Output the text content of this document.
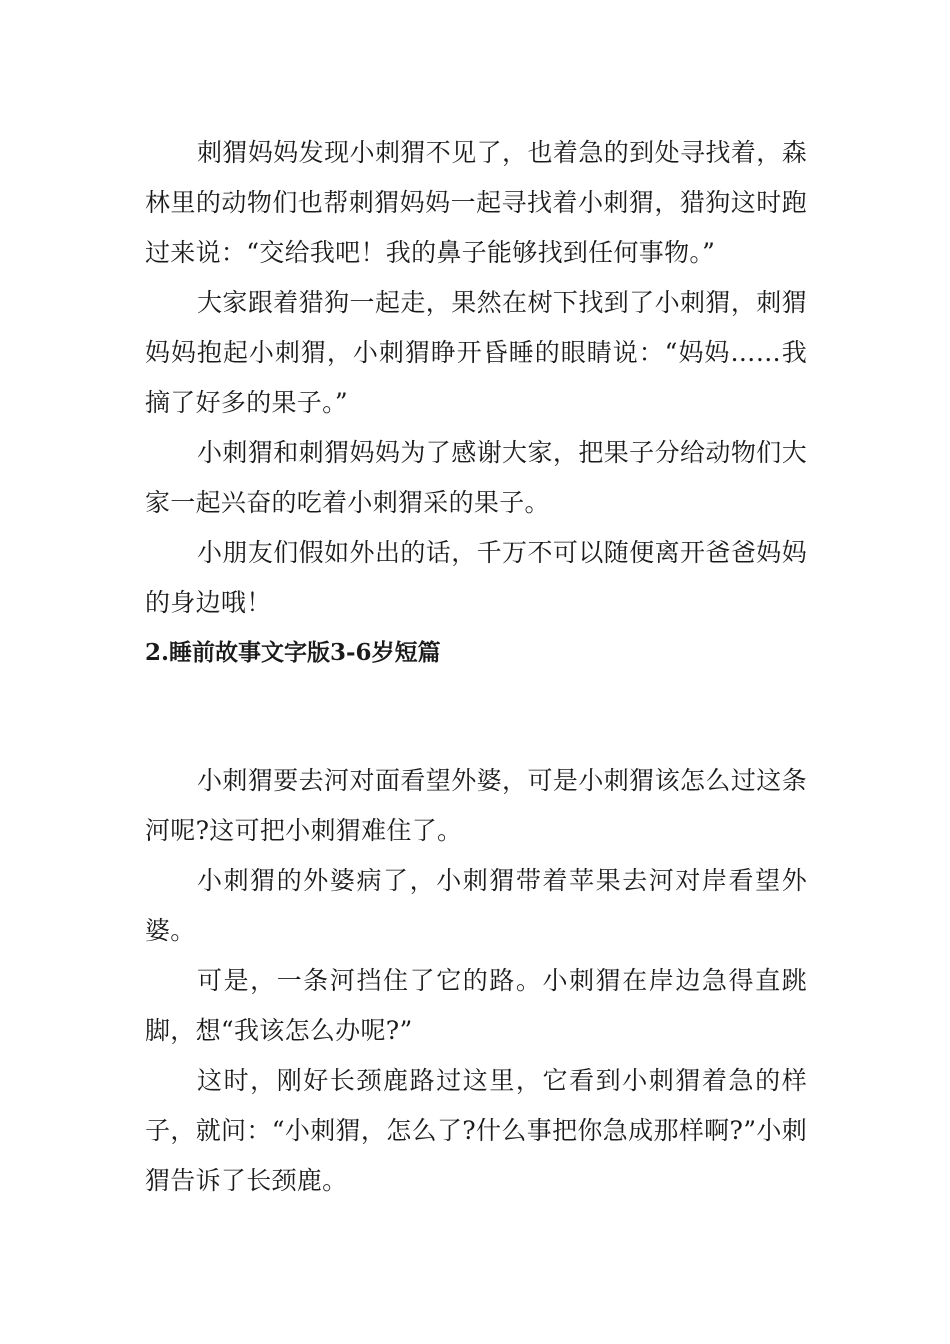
刺猬妈妈发现小刺猬不见了，也着急的到处寻找着，森林里的动物们也帮刺猬妈妈一起寻找着小刺猬，猎狗这时跑过来说：“交给我吧！我的鼻子能够找到任何事物。”

大家跟着猎狗一起走，果然在树下找到了小刺猬，刺猬妈妈抱起小刺猬，小刺猬睁开昏睡的眼睛说：“妈妈……我摘了好多的果子。”

小刺猬和刺猬妈妈为了感谢大家，把果子分给动物们大家一起兴奋的吃着小刺猬采的果子。

小朋友们假如外出的话，千万不可以随便离开爸爸妈妈的身边哦！

2.睡前故事文字版3-6岁短篇

小刺猬要去河对面看望外婆，可是小刺猬该怎么过这条河呢?这可把小刺猬难住了。

小刺猬的外婆病了，小刺猬带着苹果去河对岸看望外婆。

可是，一条河挡住了它的路。小刺猬在岸边急得直跳脚，想“我该怎么办呢?”

这时，刚好长颈鹿路过这里，它看到小刺猬着急的样子，就问：“小刺猬，怎么了?什么事把你急成那样啊?”小刺猬告诉了长颈鹿。
